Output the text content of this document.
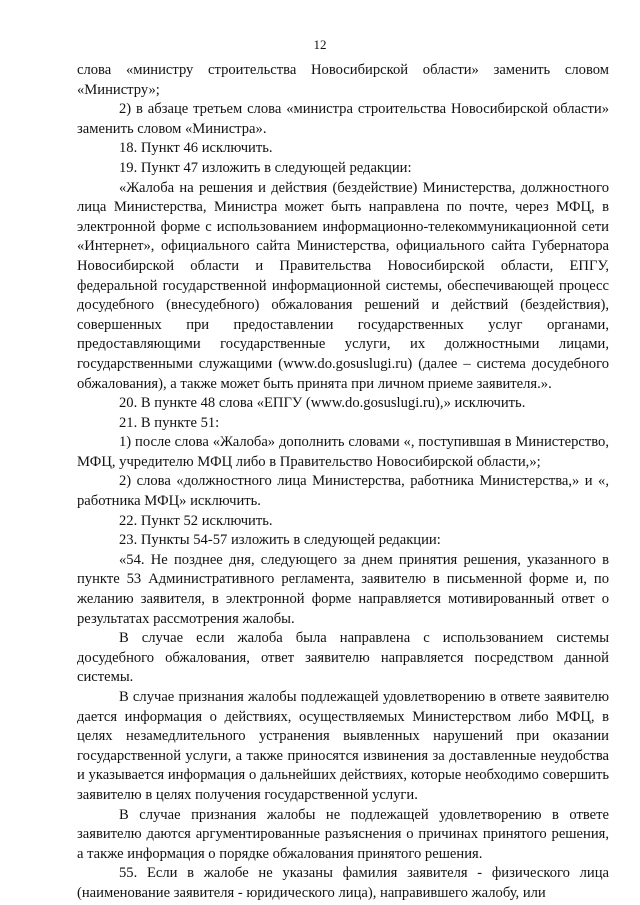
12

слова «министру строительства Новосибирской области» заменить словом «Министру»;

2) в абзаце третьем слова «министра строительства Новосибирской области» заменить словом «Министра».

18. Пункт 46 исключить.

19. Пункт 47 изложить в следующей редакции:

«Жалоба на решения и действия (бездействие) Министерства, должностного лица Министерства, Министра может быть направлена по почте, через МФЦ, в электронной форме с использованием информационно-телекоммуникационной сети «Интернет», официального сайта Министерства, официального сайта Губернатора Новосибирской области и Правительства Новосибирской области, ЕПГУ, федеральной государственной информационной системы, обеспечивающей процесс досудебного (внесудебного) обжалования решений и действий (бездействия), совершенных при предоставлении государственных услуг органами, предоставляющими государственные услуги, их должностными лицами, государственными служащими (www.do.gosuslugi.ru) (далее – система досудебного обжалования), а также может быть принята при личном приеме заявителя.».

20. В пункте 48 слова «ЕПГУ (www.do.gosuslugi.ru),» исключить.

21. В пункте 51:

1) после слова «Жалоба» дополнить словами «, поступившая в Министерство, МФЦ, учредителю МФЦ либо в Правительство Новосибирской области,»;

2) слова «должностного лица Министерства, работника Министерства,» и «, работника МФЦ» исключить.

22. Пункт 52 исключить.

23. Пункты 54-57 изложить в следующей редакции:

«54. Не позднее дня, следующего за днем принятия решения, указанного в пункте 53 Административного регламента, заявителю в письменной форме и, по желанию заявителя, в электронной форме направляется мотивированный ответ о результатах рассмотрения жалобы.

В случае если жалоба была направлена с использованием системы досудебного обжалования, ответ заявителю направляется посредством данной системы.

В случае признания жалобы подлежащей удовлетворению в ответе заявителю дается информация о действиях, осуществляемых Министерством либо МФЦ, в целях незамедлительного устранения выявленных нарушений при оказании государственной услуги, а также приносятся извинения за доставленные неудобства и указывается информация о дальнейших действиях, которые необходимо совершить заявителю в целях получения государственной услуги.

В случае признания жалобы не подлежащей удовлетворению в ответе заявителю даются аргументированные разъяснения о причинах принятого решения, а также информация о порядке обжалования принятого решения.

55. Если в жалобе не указаны фамилия заявителя - физического лица (наименование заявителя - юридического лица), направившего жалобу, или
